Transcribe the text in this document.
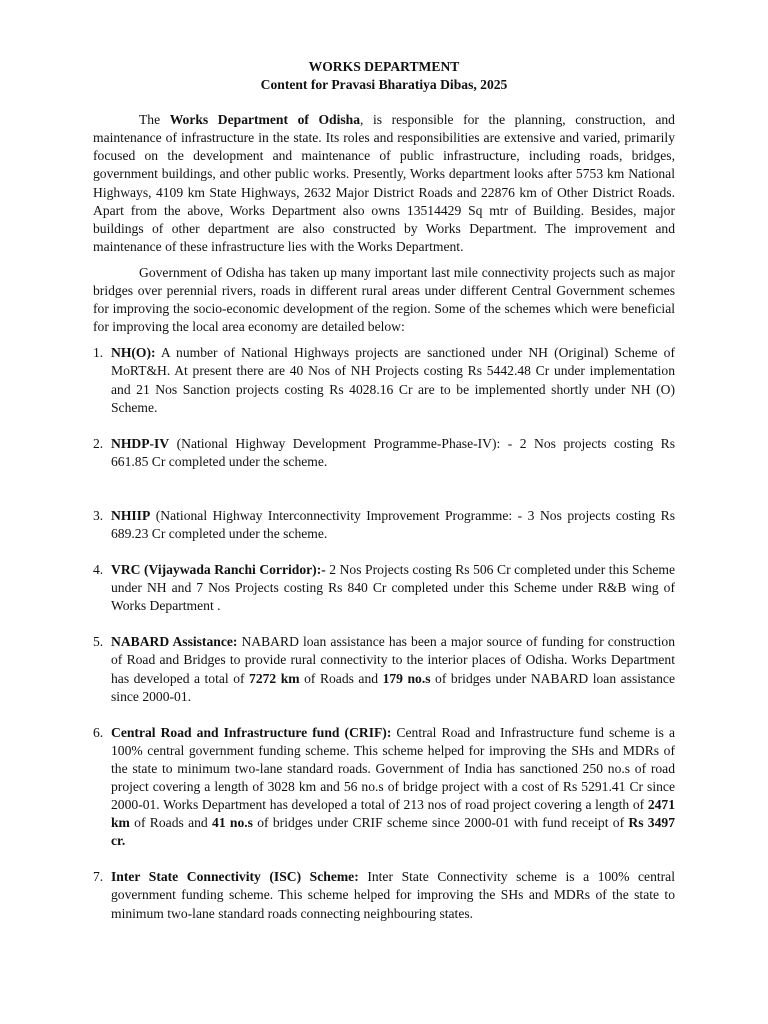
WORKS DEPARTMENT

Content for Pravasi Bharatiya Dibas, 2025

The Works Department of Odisha, is responsible for the planning, construction, and maintenance of infrastructure in the state. Its roles and responsibilities are extensive and varied, primarily focused on the development and maintenance of public infrastructure, including roads, bridges, government buildings, and other public works. Presently, Works department looks after 5753 km National Highways, 4109 km State Highways, 2632 Major District Roads and 22876 km of Other District Roads. Apart from the above, Works Department also owns 13514429 Sq mtr of Building. Besides, major buildings of other department are also constructed by Works Department. The improvement and maintenance of these infrastructure lies with the Works Department.

Government of Odisha has taken up many important last mile connectivity projects such as major bridges over perennial rivers, roads in different rural areas under different Central Government schemes for improving the socio-economic development of the region. Some of the schemes which were beneficial for improving the local area economy are detailed below:

1. NH(O): A number of National Highways projects are sanctioned under NH (Original) Scheme of MoRT&H. At present there are 40 Nos of NH Projects costing Rs 5442.48 Cr under implementation and 21 Nos Sanction projects costing Rs 4028.16 Cr are to be implemented shortly under NH (O) Scheme.

2. NHDP-IV (National Highway Development Programme-Phase-IV): - 2 Nos projects costing Rs 661.85 Cr completed under the scheme.

3. NHIIP (National Highway Interconnectivity Improvement Programme: - 3 Nos projects costing Rs 689.23 Cr completed under the scheme.

4. VRC (Vijaywada Ranchi Corridor):- 2 Nos Projects costing Rs 506 Cr completed under this Scheme under NH and 7 Nos Projects costing Rs 840 Cr completed under this Scheme under R&B wing of Works Department .

5. NABARD Assistance: NABARD loan assistance has been a major source of funding for construction of Road and Bridges to provide rural connectivity to the interior places of Odisha. Works Department has developed a total of 7272 km of Roads and 179 no.s of bridges under NABARD loan assistance since 2000-01.

6. Central Road and Infrastructure fund (CRIF): Central Road and Infrastructure fund scheme is a 100% central government funding scheme. This scheme helped for improving the SHs and MDRs of the state to minimum two-lane standard roads. Government of India has sanctioned 250 no.s of road project covering a length of 3028 km and 56 no.s of bridge project with a cost of Rs 5291.41 Cr since 2000-01. Works Department has developed a total of 213 nos of road project covering a length of 2471 km of Roads and 41 no.s of bridges under CRIF scheme since 2000-01 with fund receipt of Rs 3497 cr.

7. Inter State Connectivity (ISC) Scheme: Inter State Connectivity scheme is a 100% central government funding scheme. This scheme helped for improving the SHs and MDRs of the state to minimum two-lane standard roads connecting neighbouring states.
